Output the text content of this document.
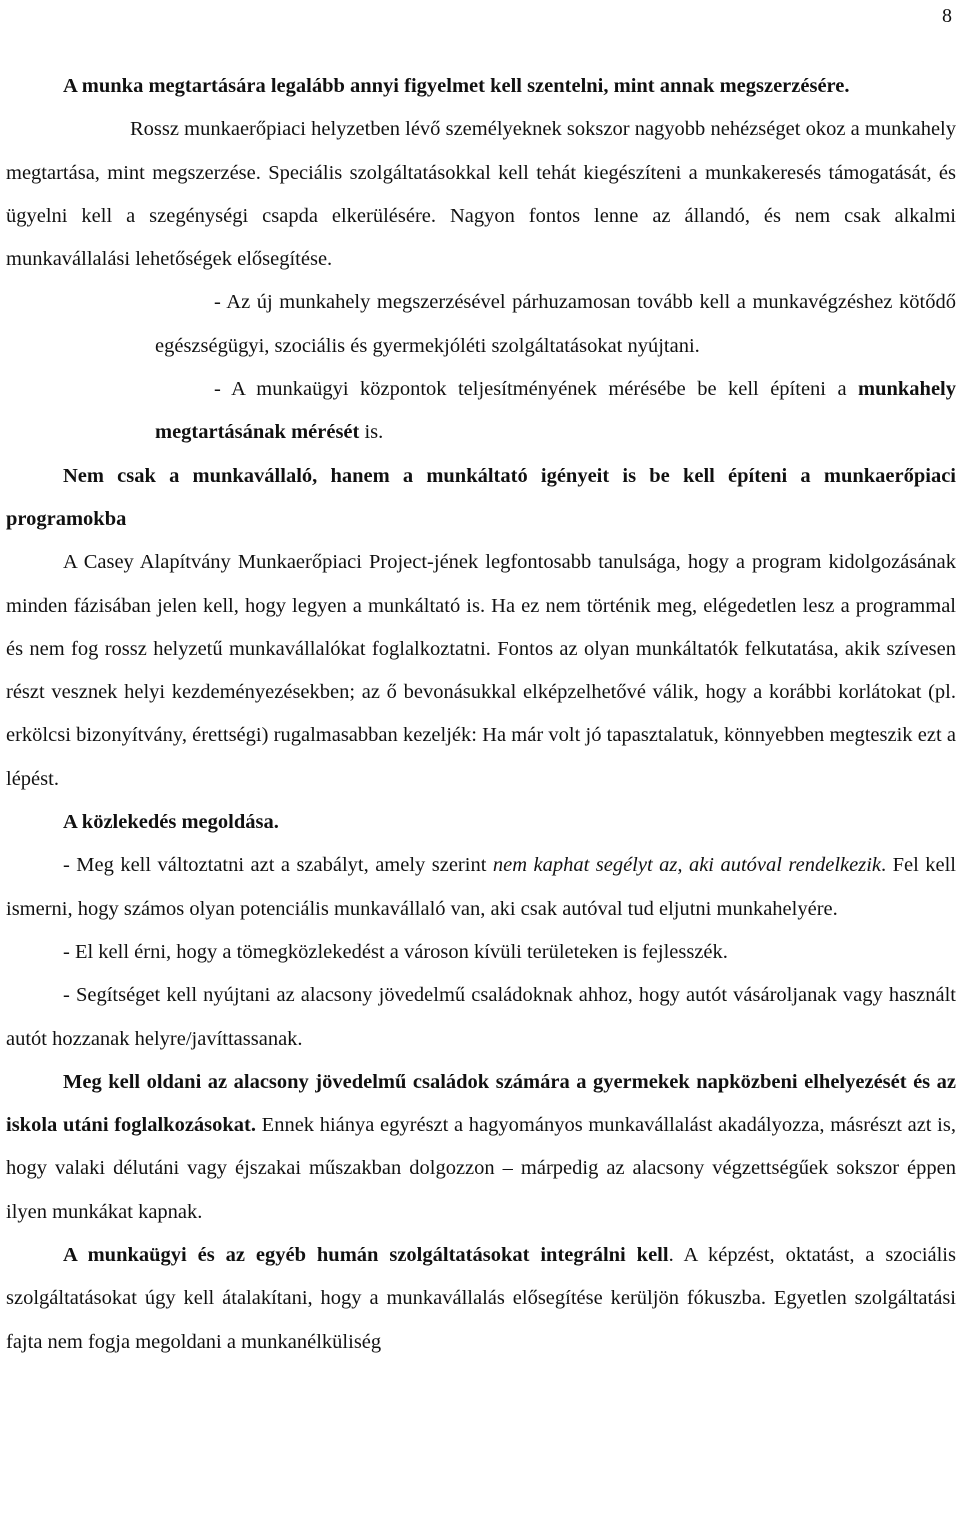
8

A munka megtartására legalább annyi figyelmet kell szentelni, mint annak megszerzésére.

Rossz munkaerőpiaci helyzetben lévő személyeknek sokszor nagyobb nehézséget okoz a munkahely megtartása, mint megszerzése. Speciális szolgáltatásokkal kell tehát kiegészíteni a munkakeresés támogatását, és ügyelni kell a szegénységi csapda elkerülésére. Nagyon fontos lenne az állandó, és nem csak alkalmi munkavállalási lehetőségek elősegítése.

- Az új munkahely megszerzésével párhuzamosan tovább kell a munkavégzéshez kötődő egészségügyi, szociális és gyermekjóléti szolgáltatásokat nyújtani.

- A munkaügyi központok teljesítményének mérésébe be kell építeni a munkahely megtartásának mérését is.

Nem csak a munkavállaló, hanem a munkáltató igényeit is be kell építeni a munkaerőpiaci programokba

A Casey Alapítvány Munkaerőpiaci Project-jének legfontosabb tanulsága, hogy a program kidolgozásának minden fázisában jelen kell, hogy legyen a munkáltató is. Ha ez nem történik meg, elégedetlen lesz a programmal és nem fog rossz helyzetű munkavállalókat foglalkoztatni. Fontos az olyan munkáltatók felkutatása, akik szívesen részt vesznek helyi kezdeményezésekben; az ő bevonásukkal elképzelhetővé válik, hogy a korábbi korlátokat (pl. erkölcsi bizonyítvány, érettségi) rugalmasabban kezeljék: Ha már volt jó tapasztalatuk, könnyebben megteszik ezt a lépést.

A közlekedés megoldása.

- Meg kell változtatni azt a szabályt, amely szerint nem kaphat segélyt az, aki autóval rendelkezik. Fel kell ismerni, hogy számos olyan potenciális munkavállaló van, aki csak autóval tud eljutni munkahelyére.

- El kell érni, hogy a tömegközlekedést a városon kívüli területeken is fejlesszék.

- Segítséget kell nyújtani az alacsony jövedelmű családoknak ahhoz, hogy autót vásároljanak vagy használt autót hozzanak helyre/javíttassanak.

Meg kell oldani az alacsony jövedelmű családok számára a gyermekek napközbeni elhelyezését és az iskola utáni foglalkozásokat. Ennek hiánya egyrészt a hagyományos munkavállalást akadályozza, másrészt azt is, hogy valaki délutáni vagy éjszakai műszakban dolgozzon – márpedig az alacsony végzettségűek sokszor éppen ilyen munkákat kapnak.

A munkaügyi és az egyéb humán szolgáltatásokat integrálni kell. A képzést, oktatást, a szociális szolgáltatásokat úgy kell átalakítani, hogy a munkavállalás elősegítése kerüljön fókuszba. Egyetlen szolgáltatási fajta nem fogja megoldani a munkanélküliség
